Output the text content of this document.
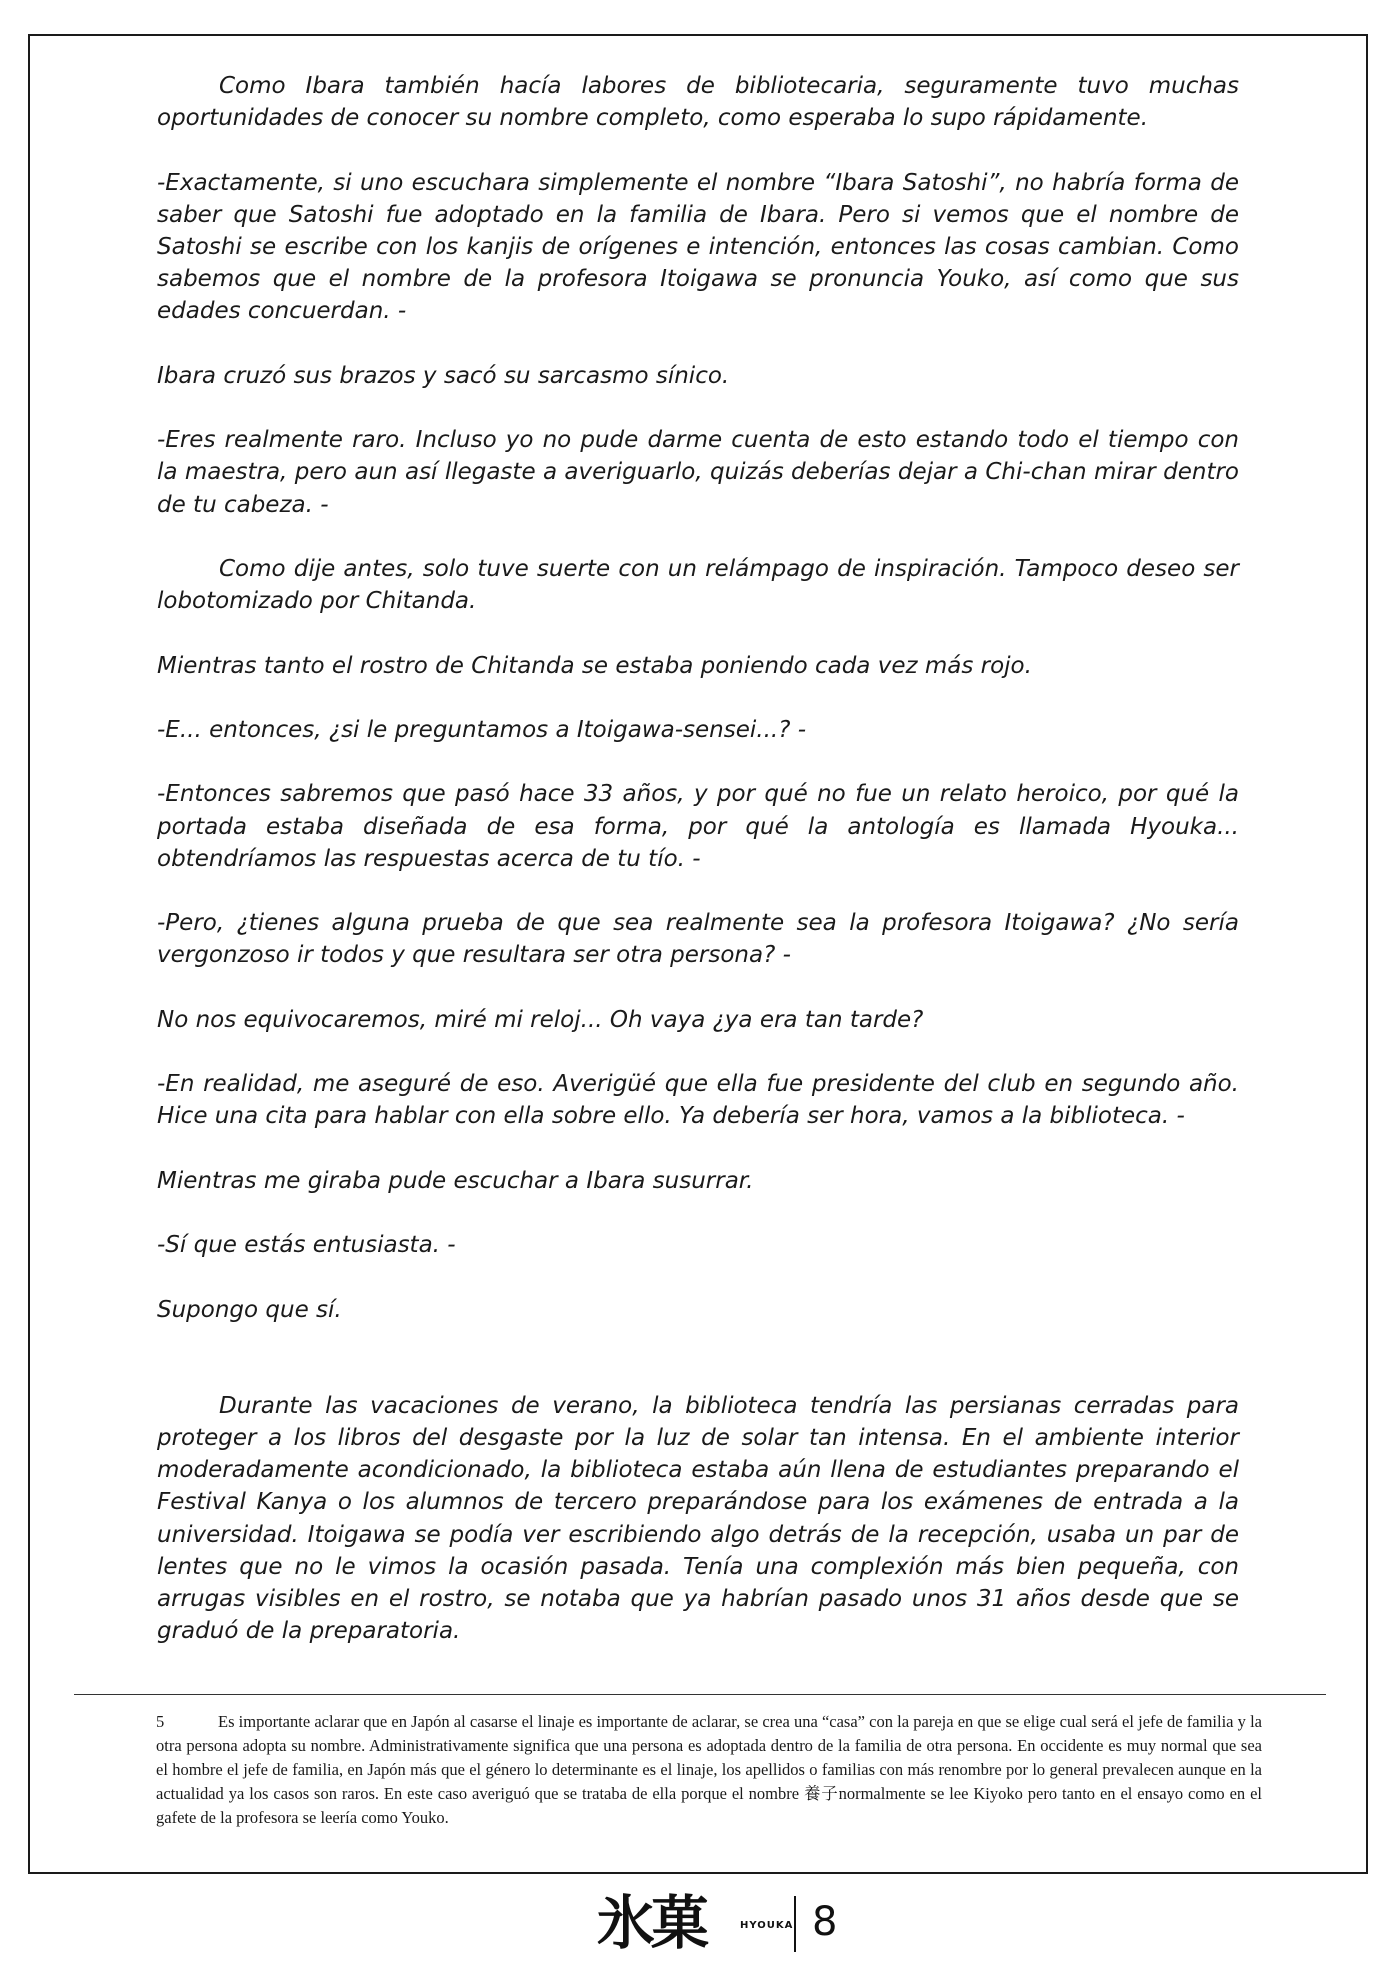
Como Ibara también hacía labores de bibliotecaria, seguramente tuvo muchas oportunidades de conocer su nombre completo, como esperaba lo supo rápidamente.

-Exactamente, si uno escuchara simplemente el nombre “Ibara Satoshi”, no habría forma de saber que Satoshi fue adoptado en la familia de Ibara. Pero si vemos que el nombre de Satoshi se escribe con los kanjis de orígenes e intención, entonces las cosas cambian. Como sabemos que el nombre de la profesora Itoigawa se pronuncia Youko, así como que sus edades concuerdan. -

Ibara cruzó sus brazos y sacó su sarcasmo sínico.

-Eres realmente raro. Incluso yo no pude darme cuenta de esto estando todo el tiempo con la maestra, pero aun así llegaste a averiguarlo, quizás deberías dejar a Chi-chan mirar dentro de tu cabeza. -

Como dije antes, solo tuve suerte con un relámpago de inspiración. Tampoco deseo ser lobotomizado por Chitanda.

Mientras tanto el rostro de Chitanda se estaba poniendo cada vez más rojo.

-E... entonces, ¿si le preguntamos a Itoigawa-sensei...? -

-Entonces sabremos que pasó hace 33 años, y por qué no fue un relato heroico, por qué la portada estaba diseñada de esa forma, por qué la antología es llamada Hyouka... obtendríamos las respuestas acerca de tu tío. -

-Pero, ¿tienes alguna prueba de que sea realmente sea la profesora Itoigawa? ¿No sería vergonzoso ir todos y que resultara ser otra persona? -

No nos equivocaremos, miré mi reloj... Oh vaya ¿ya era tan tarde?

-En realidad, me aseguré de eso. Averigüé que ella fue presidente del club en segundo año. Hice una cita para hablar con ella sobre ello. Ya debería ser hora, vamos a la biblioteca. -

Mientras me giraba pude escuchar a Ibara susurrar.

-Sí que estás entusiasta. -

Supongo que sí.

Durante las vacaciones de verano, la biblioteca tendría las persianas cerradas para proteger a los libros del desgaste por la luz de solar tan intensa. En el ambiente interior moderadamente acondicionado, la biblioteca estaba aún llena de estudiantes preparando el Festival Kanya o los alumnos de tercero preparándose para los exámenes de entrada a la universidad. Itoigawa se podía ver escribiendo algo detrás de la recepción, usaba un par de lentes que no le vimos la ocasión pasada. Tenía una complexión más bien pequeña, con arrugas visibles en el rostro, se notaba que ya habrían pasado unos 31 años desde que se graduó de la preparatoria.

5	Es importante aclarar que en Japón al casarse el linaje es importante de aclarar, se crea una “casa” con la pareja en que se elige cual será el jefe de familia y la otra persona adopta su nombre. Administrativamente significa que una persona es adoptada dentro de la familia de otra persona. En occidente es muy normal que sea el hombre el jefe de familia, en Japón más que el género lo determinante es el linaje, los apellidos o familias con más renombre por lo general prevalecen aunque en la actualidad ya los casos son raros. En este caso averiguó que se trataba de ella porque el nombre 養子normalmente se lee Kiyoko pero tanto en el ensayo como en el gafete de la profesora se leería como Youko.
氷菓	HYOUKA 8
